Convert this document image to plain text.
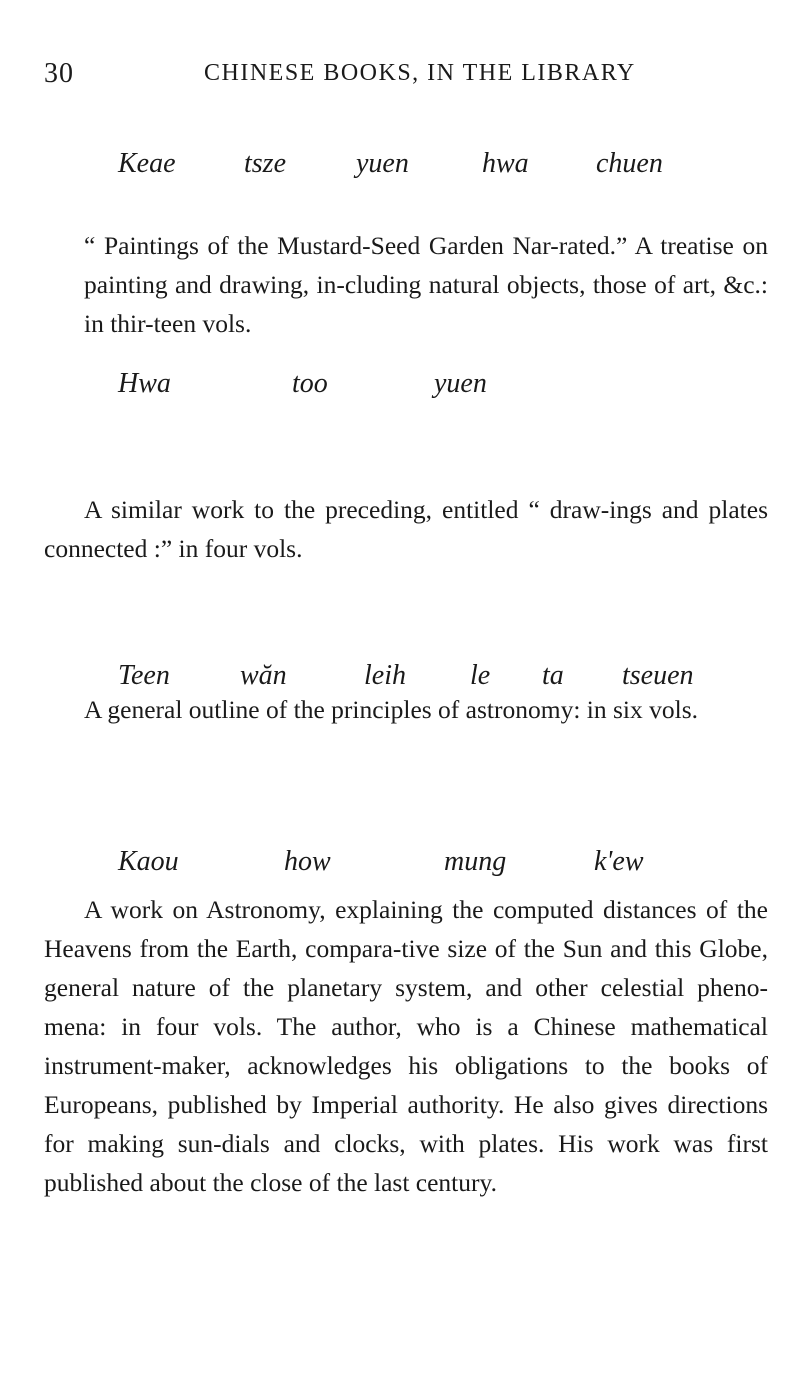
30	CHINESE BOOKS, IN THE LIBRARY
Keae tsze	yuen	hwa chuen
“ Paintings of the Mustard-Seed Garden Nar-rated.” A treatise on painting and drawing, in-cluding natural objects, those of art, &c.: in thir-teen vols.
Hwa	too	yuen
A similar work to the preceding, entitled “ draw-ings and plates connected :” in four vols.
Teen	wăn	leih le ta tseuen
A general outline of the principles of astronomy: in six vols.
Kaou	how	mung	k'ew
A work on Astronomy, explaining the computed distances of the Heavens from the Earth, compara-tive size of the Sun and this Globe, general nature of the planetary system, and other celestial pheno-mena: in four vols. The author, who is a Chinese mathematical instrument-maker, acknowledges his obligations to the books of Europeans, published by Imperial authority. He also gives directions for making sun-dials and clocks, with plates. His work was first published about the close of the last century.
